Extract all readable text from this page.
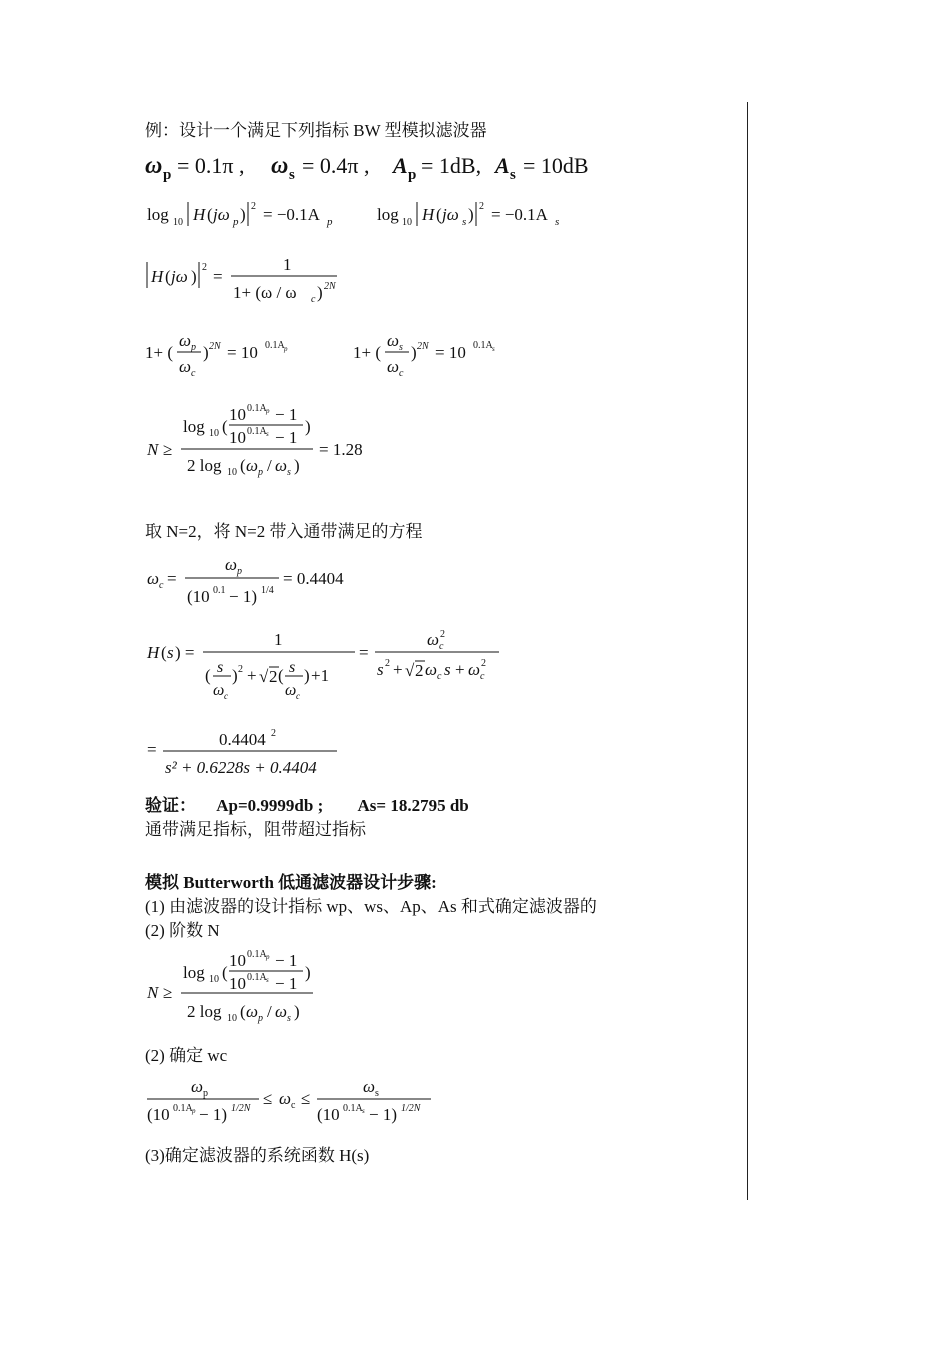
例：设计一个满足下列指标 BW 型模拟滤波器
ω p = 0.1π , ω s = 0.4π , A p = 1dB, A s = 10dB
log 10 H ( jω p ) 2 = −0.1A p	log 10 H ( jω s ) 2 = −0.1A s
H ( jω ) 2 =
1
1+ (ω / ω c ) 2N
1+ (
ω p
ω c
) 2N = 10 0.1A p	1+ (
ω s
ω c
) 2N = 10 0.1A s
N ≥
log 10 (
10 0.1A p − 1
10 0.1A s − 1
)
2 log 10 ( ω p / ω s )
= 1.28
取 N=2，将 N=2 带入通带满足的方程
ω c =
ω p
(10 0.1 − 1) 1/4
= 0.4404
H ( s ) =
1
( s
ω c
) 2 + √ 2 ( s
ω c
) +1
=
ω c
2
s 2 + √ 2 ω c s + ω c
2
=
0.4404 2
s² + 0.6228s + 0.4404
验证： Ap=0.9999db ; As= 18.2795 db
通带满足指标，阻带超过指标
模拟 Butterworth 低通滤波器设计步骤:
(1) 由滤波器的设计指标 wp、ws、Ap、As 和式确定滤波器的
(2) 阶数 N
N ≥
log 10 (
10 0.1A p − 1
10 0.1A s − 1
)
2 log 10 ( ω p / ω s )
(2) 确定 wc
ω p
(10 0.1A p − 1) 1/2N
≤ ω c ≤
ω s
(10 0.1A s − 1) 1/2N
(3)确定滤波器的系统函数 H(s)
